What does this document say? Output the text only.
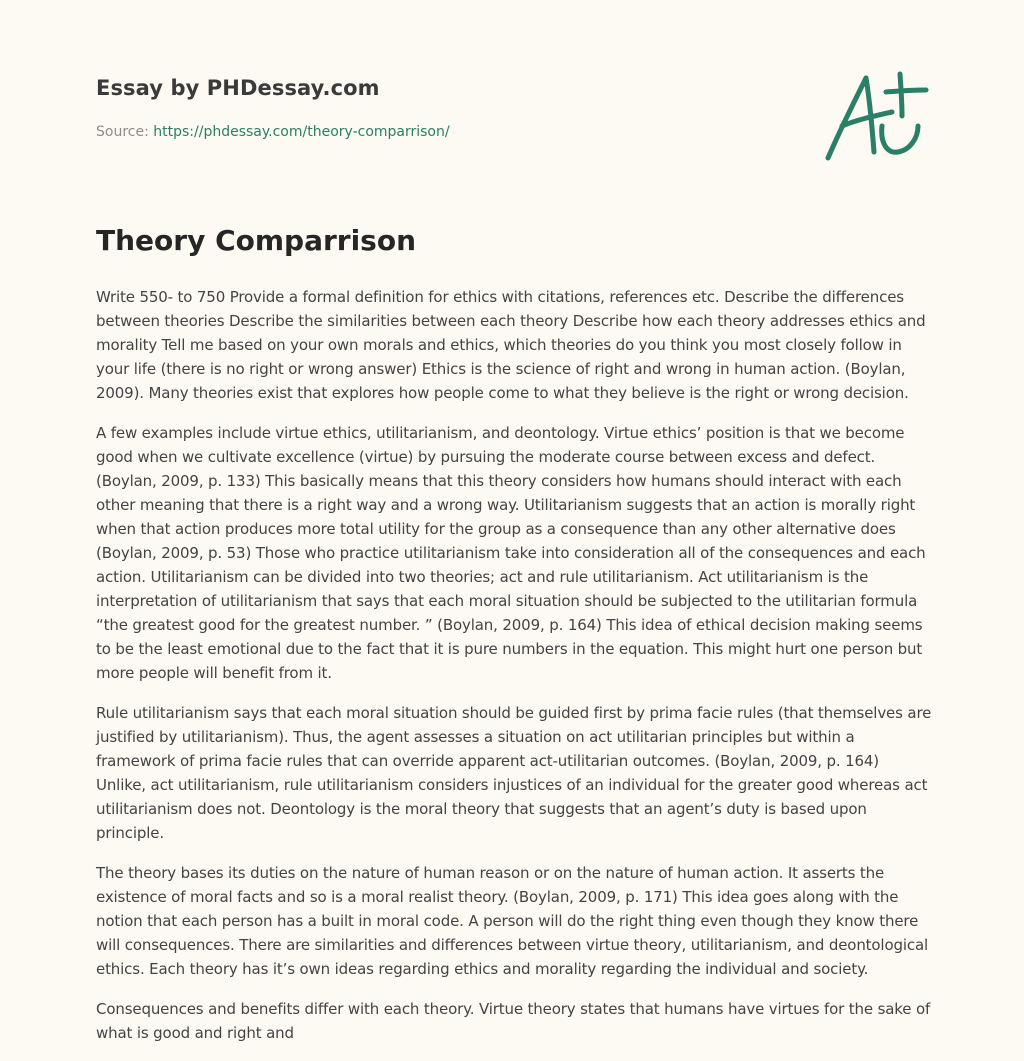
Essay by PHDessay.com
Source: https://phdessay.com/theory-comparrison/
Theory Comparrison

Write 550- to 750 Provide a formal definition for ethics with citations, references etc. Describe the differences between theories Describe the similarities between each theory Describe how each theory addresses ethics and morality Tell me based on your own morals and ethics, which theories do you think you most closely follow in your life (there is no right or wrong answer) Ethics is the science of right and wrong in human action. (Boylan, 2009). Many theories exist that explores how people come to what they believe is the right or wrong decision.

A few examples include virtue ethics, utilitarianism, and deontology. Virtue ethics’ position is that we become good when we cultivate excellence (virtue) by pursuing the moderate course between excess and defect. (Boylan, 2009, p. 133) This basically means that this theory considers how humans should interact with each other meaning that there is a right way and a wrong way. Utilitarianism suggests that an action is morally right when that action produces more total utility for the group as a consequence than any other alternative does (Boylan, 2009, p. 53) Those who practice utilitarianism take into consideration all of the consequences and each action. Utilitarianism can be divided into two theories; act and rule utilitarianism. Act utilitarianism is the interpretation of utilitarianism that says that each moral situation should be subjected to the utilitarian formula “the greatest good for the greatest number. ” (Boylan, 2009, p. 164) This idea of ethical decision making seems to be the least emotional due to the fact that it is pure numbers in the equation. This might hurt one person but more people will benefit from it.

Rule utilitarianism says that each moral situation should be guided first by prima facie rules (that themselves are justified by utilitarianism). Thus, the agent assesses a situation on act utilitarian principles but within a framework of prima facie rules that can override apparent act-utilitarian outcomes. (Boylan, 2009, p. 164) Unlike, act utilitarianism, rule utilitarianism considers injustices of an individual for the greater good whereas act utilitarianism does not. Deontology is the moral theory that suggests that an agent’s duty is based upon principle.

The theory bases its duties on the nature of human reason or on the nature of human action. It asserts the existence of moral facts and so is a moral realist theory. (Boylan, 2009, p. 171) This idea goes along with the notion that each person has a built in moral code. A person will do the right thing even though they know there will consequences. There are similarities and differences between virtue theory, utilitarianism, and deontological ethics. Each theory has it’s own ideas regarding ethics and morality regarding the individual and society.

Consequences and benefits differ with each theory. Virtue theory states that humans have virtues for the sake of what is good and right and
